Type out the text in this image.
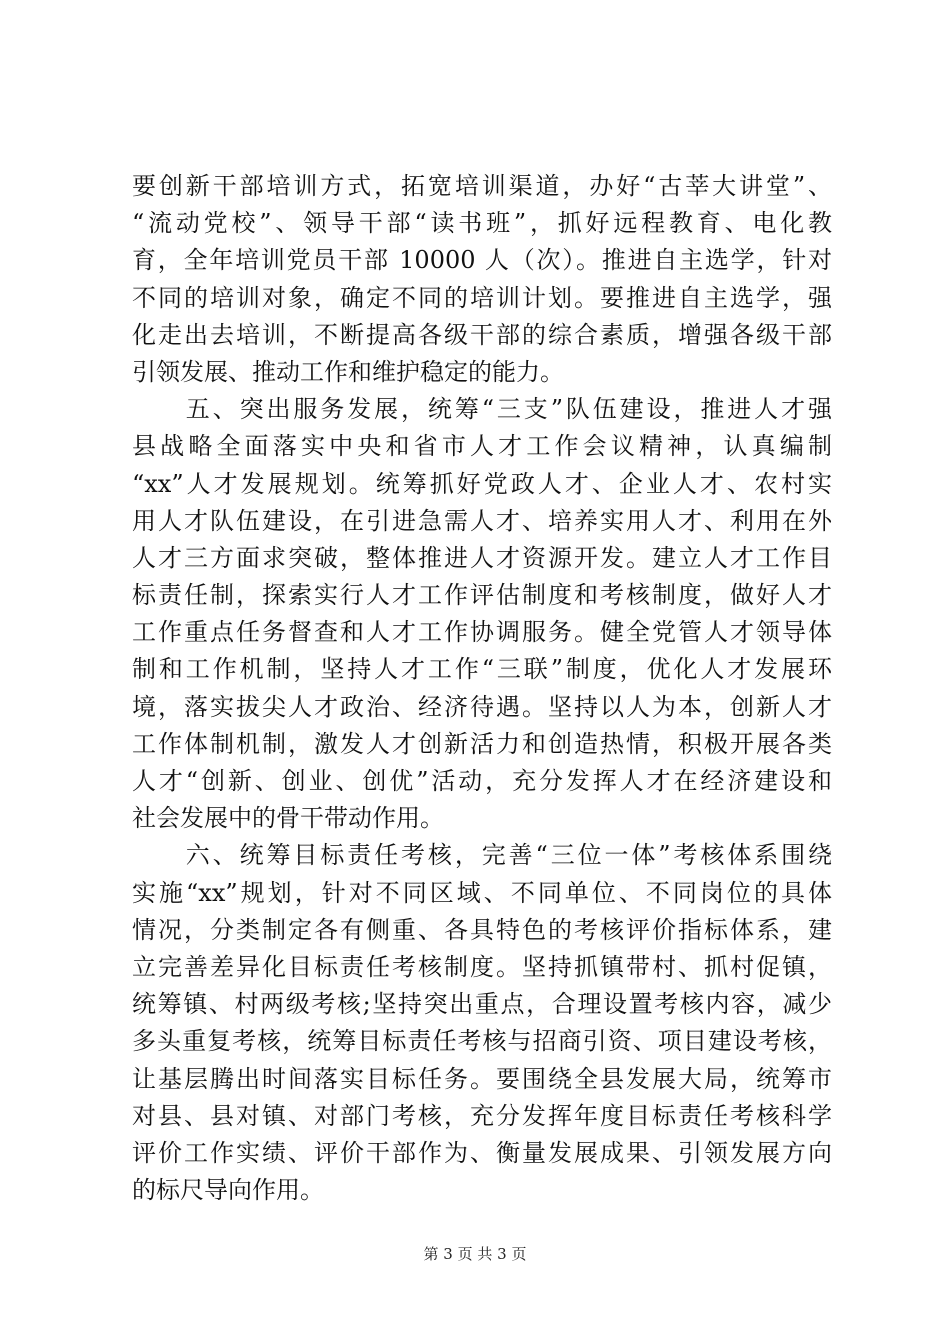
要创新干部培训方式，拓宽培训渠道，办好“古莘大讲堂”、
“流动党校”、领导干部“读书班”，抓好远程教育、电化教
育，全年培训党员干部 10000 人（次）。推进自主选学，针对
不同的培训对象，确定不同的培训计划。要推进自主选学，强
化走出去培训，不断提高各级干部的综合素质，增强各级干部
引领发展、推动工作和维护稳定的能力。
　　五、突出服务发展，统筹“三支”队伍建设，推进人才强
县战略全面落实中央和省市人才工作会议精神，认真编制
“xx”人才发展规划。统筹抓好党政人才、企业人才、农村实
用人才队伍建设，在引进急需人才、培养实用人才、利用在外
人才三方面求突破，整体推进人才资源开发。建立人才工作目
标责任制，探索实行人才工作评估制度和考核制度，做好人才
工作重点任务督查和人才工作协调服务。健全党管人才领导体
制和工作机制，坚持人才工作“三联”制度，优化人才发展环
境，落实拔尖人才政治、经济待遇。坚持以人为本，创新人才
工作体制机制，激发人才创新活力和创造热情，积极开展各类
人才“创新、创业、创优”活动，充分发挥人才在经济建设和
社会发展中的骨干带动作用。
　　六、统筹目标责任考核，完善“三位一体”考核体系围绕
实施“xx”规划，针对不同区域、不同单位、不同岗位的具体
情况，分类制定各有侧重、各具特色的考核评价指标体系，建
立完善差异化目标责任考核制度。坚持抓镇带村、抓村促镇，
统筹镇、村两级考核;坚持突出重点，合理设置考核内容，减少
多头重复考核，统筹目标责任考核与招商引资、项目建设考核，
让基层腾出时间落实目标任务。要围绕全县发展大局，统筹市
对县、县对镇、对部门考核，充分发挥年度目标责任考核科学
评价工作实绩、评价干部作为、衡量发展成果、引领发展方向
的标尺导向作用。
第 3 页 共 3 页
